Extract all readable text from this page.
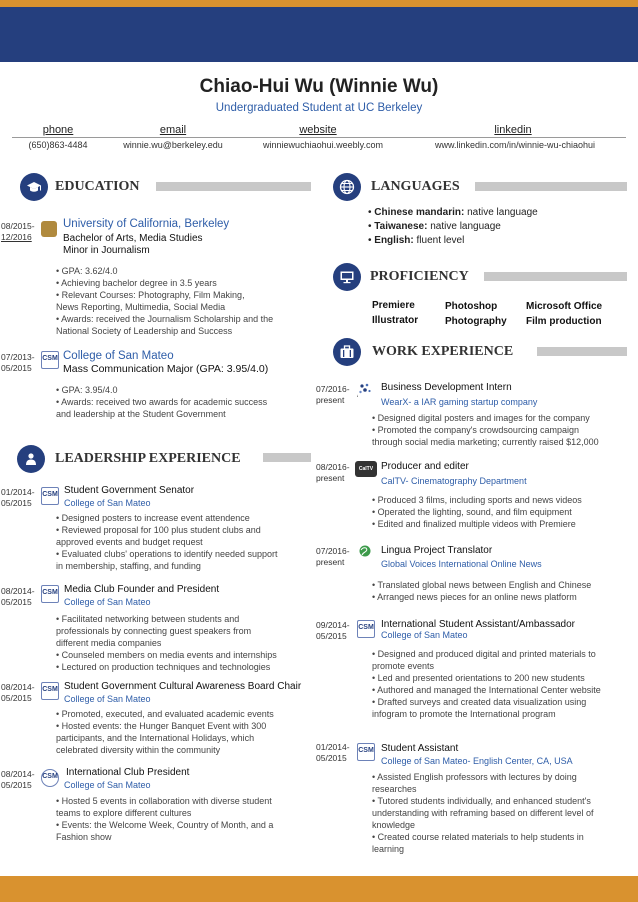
Chiao-Hui Wu (Winnie Wu)
Undergraduated Student at UC Berkeley
phone
(650)863-4484
email
winnie.wu@berkeley.edu
website
winniewuchiaohui.weebly.com
linkedin
www.linkedin.com/in/winnie-wu-chiaohui
EDUCATION
08/2015-
12/2016
University of California, Berkeley
Bachelor of Arts, Media Studies
Minor in Journalism
• GPA: 3.62/4.0
• Achieving bachelor degree in 3.5 years
• Relevant Courses: Photography, Film Making,
News Reporting, Multimedia, Social Media
• Awards: received the Journalism Scholarship and the
National Society of Leadership and Success
07/2013-
05/2015
CSM College of San Mateo
Mass Communication Major (GPA: 3.95/4.0)
• GPA: 3.95/4.0
• Awards: received two awards for academic success
and leadership at the Student Government
LEADERSHIP EXPERIENCE
01/2014-
05/2015
CSM Student Government Senator
College of San Mateo
• Designed posters to increase event attendence
• Reviewed proposal for 100 plus student clubs and
approved events and budget request
• Evaluated clubs' operations to identify needed support
in membership, staffing, and funding
08/2014-
05/2015
CSM Media Club Founder and President
College of San Mateo
• Facilitated networking between students and
professionals by connecting guest speakers from
different media companies
• Counseled members on media events and internships
• Lectured on production techniques and technologies
08/2014-
05/2015
CSM Student Government Cultural Awareness Board Chair
College of San Mateo
• Promoted, executed, and evaluated academic events
• Hosted events: the Hunger Banquet Event with 300
participants, and the International Holidays, which
celebrated diversity within the community
08/2014-
05/2015
CSM International Club President
College of San Mateo
• Hosted 5 events in collaboration with diverse student
teams to explore different cultures
• Events: the Welcome Week, Country of Month, and a
Fashion show
LANGUAGES
• Chinese mandarin: native language
• Taiwanese: native language
• English: fluent level
PROFICIENCY
Premiere
Illustrator
Photoshop
Photography
Microsoft Office
Film production
WORK EXPERIENCE
07/2016-
present
Business Development Intern
WearX- a IAR gaming startup company
• Designed digital posters and images for the company
• Promoted the company's crowdsourcing campaign
through social media marketing; currently raised $12,000
08/2016-
present
CalTV Producer and editer
CalTV- Cinematography Department
• Produced 3 films, including sports and news videos
• Operated the lighting, sound, and film equipment
• Edited and finalized multiple videos with Premiere
07/2016-
present
Lingua Project Translator
Global Voices International Online News
• Translated global news between English and Chinese
• Arranged news pieces for an online news platform
09/2014-
05/2015
CSM International Student Assistant/Ambassador
College of San Mateo
• Designed and produced digital and printed materials to
promote events
• Led and presented orientations to 200 new students
• Authored and managed the International Center website
• Drafted surveys and created data visualization using
infogram to promote the International program
01/2014-
05/2015
CSM Student Assistant
College of San Mateo- English Center, CA, USA
• Assisted English professors with lectures by doing
researches
• Tutored students individually, and enhanced student's
understanding with reframing based on different level of
knowledge
• Created course related materials to help students in
learning
